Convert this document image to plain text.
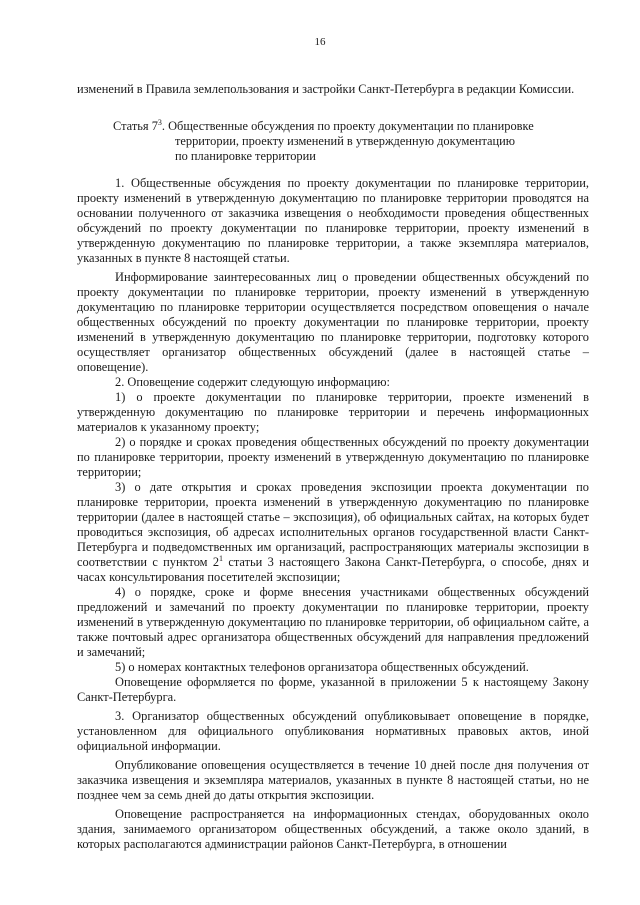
16

изменений в Правила землепользования и застройки Санкт-Петербурга в редакции Комиссии.

Статья $7^3$. Общественные обсуждения по проекту документации по планировке
территории, проекту изменений в утвержденную документацию
по планировке территории

1. Общественные обсуждения по проекту документации по планировке территории, проекту изменений в утвержденную документацию по планировке территории проводятся на основании полученного от заказчика извещения о необходимости проведения общественных обсуждений по проекту документации по планировке территории, проекту изменений в утвержденную документацию по планировке территории, а также экземпляра материалов, указанных в пункте 8 настоящей статьи.

Информирование заинтересованных лиц о проведении общественных обсуждений по проекту документации по планировке территории, проекту изменений в утвержденную документацию по планировке территории осуществляется посредством оповещения о начале общественных обсуждений по проекту документации по планировке территории, проекту изменений в утвержденную документацию по планировке территории, подготовку которого осуществляет организатор общественных обсуждений (далее в настоящей статье – оповещение).

2. Оповещение содержит следующую информацию:

1) о проекте документации по планировке территории, проекте изменений в утвержденную документацию по планировке территории и перечень информационных материалов к указанному проекту;

2) о порядке и сроках проведения общественных обсуждений по проекту документации по планировке территории, проекту изменений в утвержденную документацию по планировке территории;

3) о дате открытия и сроках проведения экспозиции проекта документации по планировке территории, проекта изменений в утвержденную документацию по планировке территории (далее в настоящей статье – экспозиция), об официальных сайтах, на которых будет проводиться экспозиция, об адресах исполнительных органов государственной власти Санкт-Петербурга и подведомственных им организаций, распространяющих материалы экспозиции в соответствии с пунктом $2^1$ статьи 3 настоящего Закона Санкт-Петербурга, о способе, днях и часах консультирования посетителей экспозиции;

4) о порядке, сроке и форме внесения участниками общественных обсуждений предложений и замечаний по проекту документации по планировке территории, проекту изменений в утвержденную документацию по планировке территории, об официальном сайте, а также почтовый адрес организатора общественных обсуждений для направления предложений и замечаний;

5) о номерах контактных телефонов организатора общественных обсуждений.

Оповещение оформляется по форме, указанной в приложении 5 к настоящему Закону Санкт-Петербурга.

3. Организатор общественных обсуждений опубликовывает оповещение в порядке, установленном для официального опубликования нормативных правовых актов, иной официальной информации.

Опубликование оповещения осуществляется в течение 10 дней после дня получения от заказчика извещения и экземпляра материалов, указанных в пункте 8 настоящей статьи, но не позднее чем за семь дней до даты открытия экспозиции.

Оповещение распространяется на информационных стендах, оборудованных около здания, занимаемого организатором общественных обсуждений, а также около зданий, в которых располагаются администрации районов Санкт-Петербурга, в отношении
